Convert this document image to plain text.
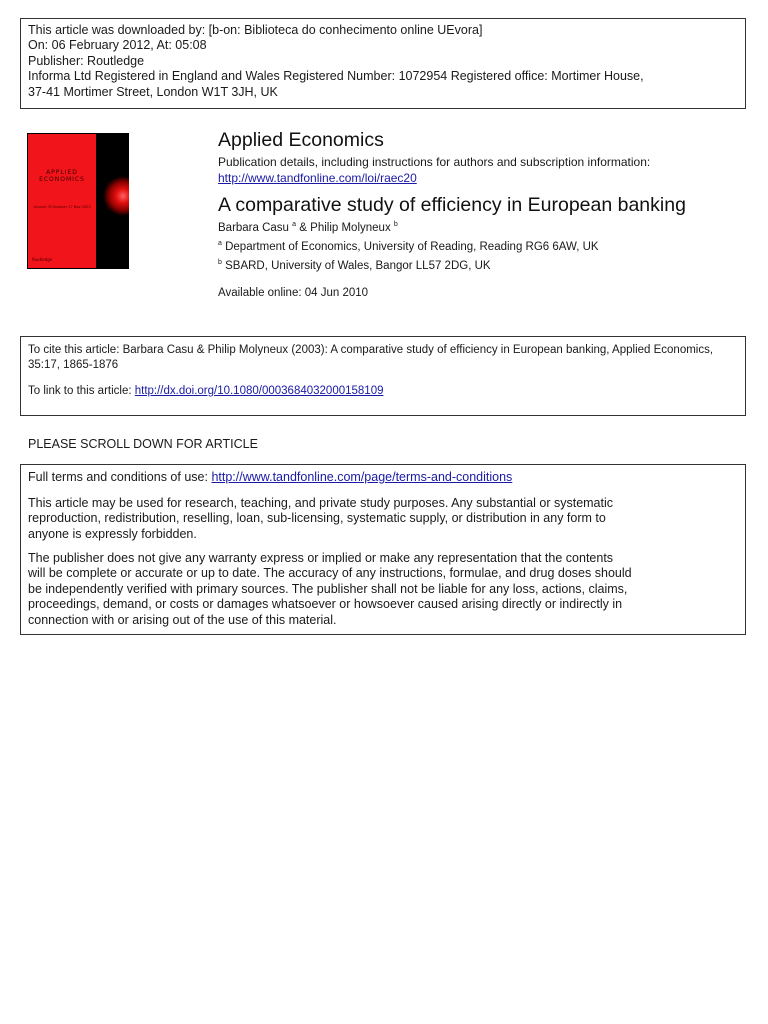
This article was downloaded by: [b-on: Biblioteca do conhecimento online UEvora]
On: 06 February 2012, At: 05:08
Publisher: Routledge
Informa Ltd Registered in England and Wales Registered Number: 1072954 Registered office: Mortimer House,
37-41 Mortimer Street, London W1T 3JH, UK
APPLIED
ECONOMICS
Volume 35 Number 17 Nov 2003
Routledge
Applied Economics
Publication details, including instructions for authors and subscription information:
http://www.tandfonline.com/loi/raec20
A comparative study of efficiency in European banking
Barbara Casu $^a$ & Philip Molyneux $^b$
$^a$ Department of Economics, University of Reading, Reading RG6 6AW, UK
$^b$ SBARD, University of Wales, Bangor LL57 2DG, UK
Available online: 04 Jun 2010
To cite this article: Barbara Casu & Philip Molyneux (2003): A comparative study of efficiency in European banking, Applied Economics, 35:17, 1865-1876
To link to this article: http://dx.doi.org/10.1080/0003684032000158109
PLEASE SCROLL DOWN FOR ARTICLE
Full terms and conditions of use: http://www.tandfonline.com/page/terms-and-conditions
This article may be used for research, teaching, and private study purposes. Any substantial or systematic
reproduction, redistribution, reselling, loan, sub-licensing, systematic supply, or distribution in any form to
anyone is expressly forbidden.
The publisher does not give any warranty express or implied or make any representation that the contents
will be complete or accurate or up to date. The accuracy of any instructions, formulae, and drug doses should
be independently verified with primary sources. The publisher shall not be liable for any loss, actions, claims,
proceedings, demand, or costs or damages whatsoever or howsoever caused arising directly or indirectly in
connection with or arising out of the use of this material.
